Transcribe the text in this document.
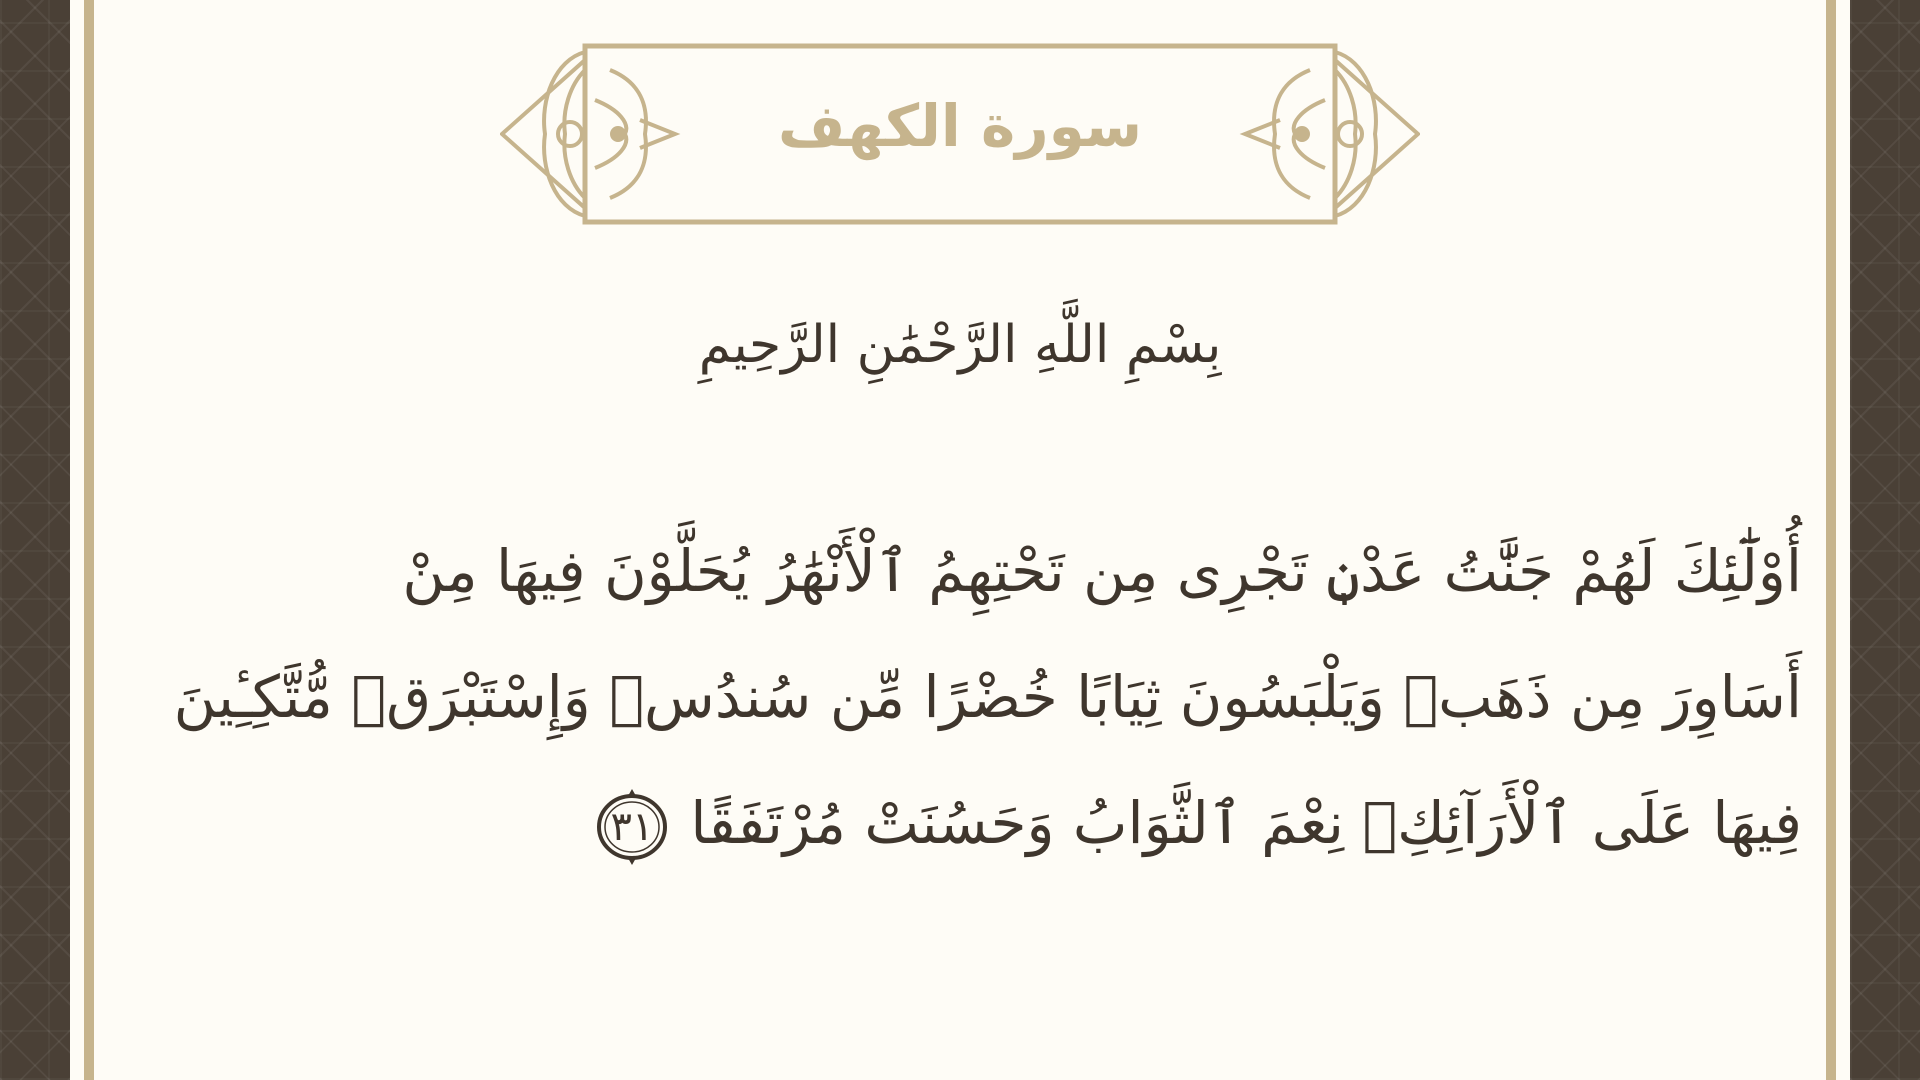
سورة الكهف
بِسْمِ اللَّهِ الرَّحْمَٰنِ الرَّحِيمِ
أُوْلَٰٓئِكَ لَهُمْ جَنَّٰتُ عَدْنٖ تَجْرِى مِن تَحْتِهِمُ ٱلْأَنْهَٰرُ يُحَلَّوْنَ فِيهَا مِنْ
أَسَاوِرَ مِن ذَهَبٖ وَيَلْبَسُونَ ثِيَابًا خُضْرًا مِّن سُندُسٖ وَإِسْتَبْرَقٖ مُّتَّكِـِٔينَ
فِيهَا عَلَى ٱلْأَرَآئِكِۚ نِعْمَ ٱلثَّوَابُ وَحَسُنَتْ مُرْتَفَقًا
٣١
